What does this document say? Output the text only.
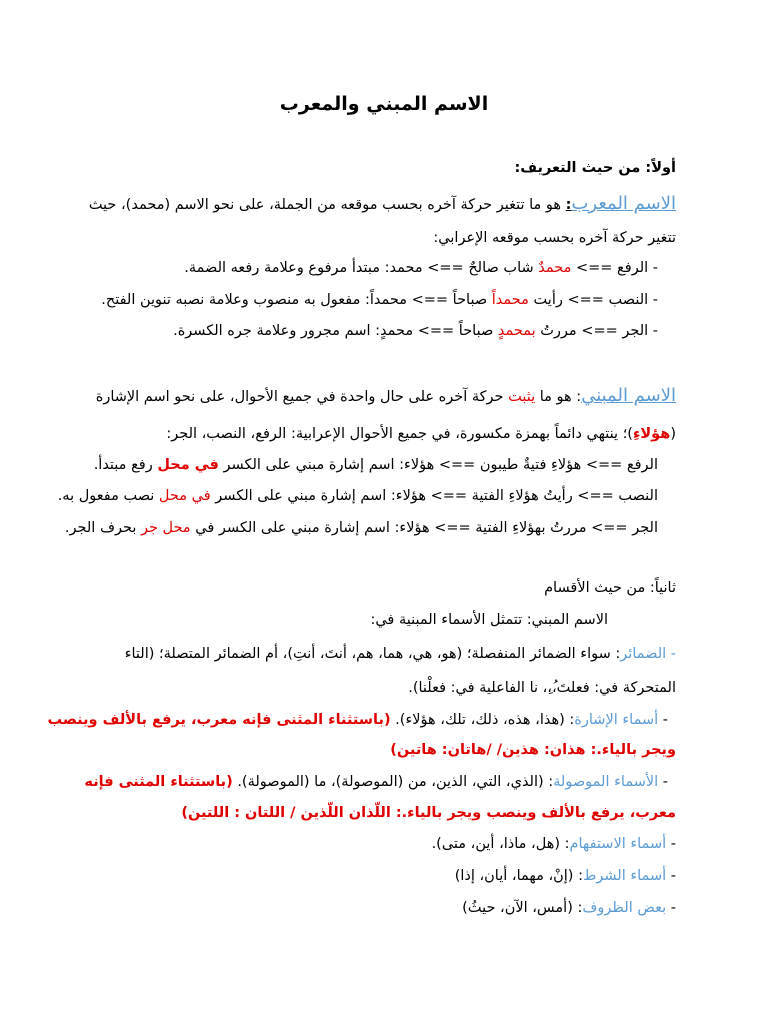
الاسم المبني والمعرب
أولاً: من حيث التعريف:
الاسم المعرب: هو ما تتغير حركة آخره بحسب موقعه من الجملة، على نحو الاسم (محمد)، حيث
تتغير حركة آخره بحسب موقعه الإعرابي:
- الرفع ==> محمدٌ شاب صالحٌ ==> محمد: مبتدأ مرفوع وعلامة رفعه الضمة.
- النصب ==> رأيت محمداً صباحاً ==> محمداً: مفعول به منصوب وعلامة نصبه تنوين الفتح.
- الجر ==> مررتُ بمحمدٍ صباحاً ==> محمدٍ: اسم مجرور وعلامة جره الكسرة.
الاسم المبني: هو ما يثبت حركة آخره على حال واحدة في جميع الأحوال، على نحو اسم الإشارة
(هؤلاءِ)؛ ينتهي دائماً بهمزة مكسورة، في جميع الأحوال الإعرابية: الرفع، النصب، الجر:
الرفع ==> هؤلاءِ فتيةٌ طيبون ==> هؤلاء: اسم إشارة مبني على الكسر في محل رفع مبتدأ.
النصب ==> رأيتُ هؤلاءِ الفتية ==> هؤلاء: اسم إشارة مبني على الكسر في محل نصب مفعول به.
الجر ==> مررتُ بهؤلاءِ الفتية ==> هؤلاء: اسم إشارة مبني على الكسر في محل جر بحرف الجر.
ثانياً: من حيث الأقسام
الاسم المبني: تتمثل الأسماء المبنية في:
- الضمائر: سواء الضمائر المنفصلة؛ (هو، هي، هما، هم، أنتَ، أنتِ)، أم الضمائر المتصلة؛ (التاء
المتحركة في: فعلتَ،ُ،ِ، نا الفاعلية في: فعلْنا).
- أسماء الإشارة: (هذا، هذه، ذلك، تلك، هؤلاء). (باستثناء المثنى فإنه معرب، يرفع بالألف وينصب
ويجر بالياء.: هذان: هذين/ /هاتان: هاتين)
- الأسماء الموصولة: (الذي، التي، الذين، من (الموصولة)، ما (الموصولة). (باستثناء المثنى فإنه
معرب، يرفع بالألف وينصب ويجر بالياء.: اللّذان اللّذين / اللتان : اللتين)
- أسماء الاستفهام: (هل، ماذا، أين، متى).
- أسماء الشرط: (إنْ، مهما، أيان، إذا)
- بعض الظروف: (أمس، الآن، حيثُ)
